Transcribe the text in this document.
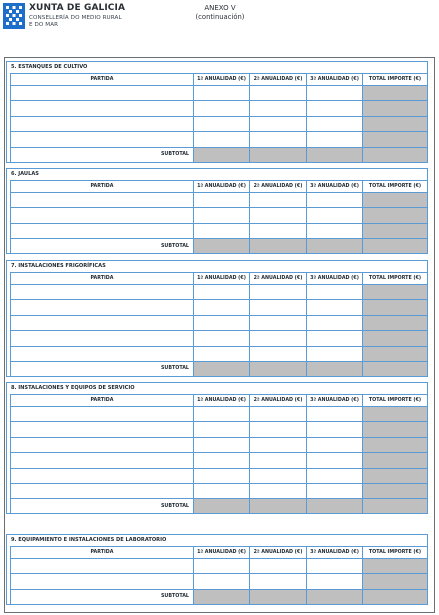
XUNTA DE GALICIA
CONSELLERÍA DO MEDIO RURAL
E DO MAR
ANEXO V
(continuación)
5. ESTANQUES DE CULTIVO
PARTIDA	1ª ANUALIDAD (€)	2ª ANUALIDAD (€)	3ª ANUALIDAD (€)	TOTAL IMPORTE (€)

SUBTOTAL				
6. JAULAS
PARTIDA	1ª ANUALIDAD (€)	2ª ANUALIDAD (€)	3ª ANUALIDAD (€)	TOTAL IMPORTE (€)

SUBTOTAL				
7. INSTALACIONES FRIGORÍFICAS
PARTIDA	1ª ANUALIDAD (€)	2ª ANUALIDAD (€)	3ª ANUALIDAD (€)	TOTAL IMPORTE (€)

SUBTOTAL				
8. INSTALACIONES Y EQUIPOS DE SERVICIO
PARTIDA	1ª ANUALIDAD (€)	2ª ANUALIDAD (€)	3ª ANUALIDAD (€)	TOTAL IMPORTE (€)

SUBTOTAL				
9. EQUIPAMIENTO E INSTALACIONES DE LABORATORIO
PARTIDA	1ª ANUALIDAD (€)	2ª ANUALIDAD (€)	3ª ANUALIDAD (€)	TOTAL IMPORTE (€)

SUBTOTAL				
